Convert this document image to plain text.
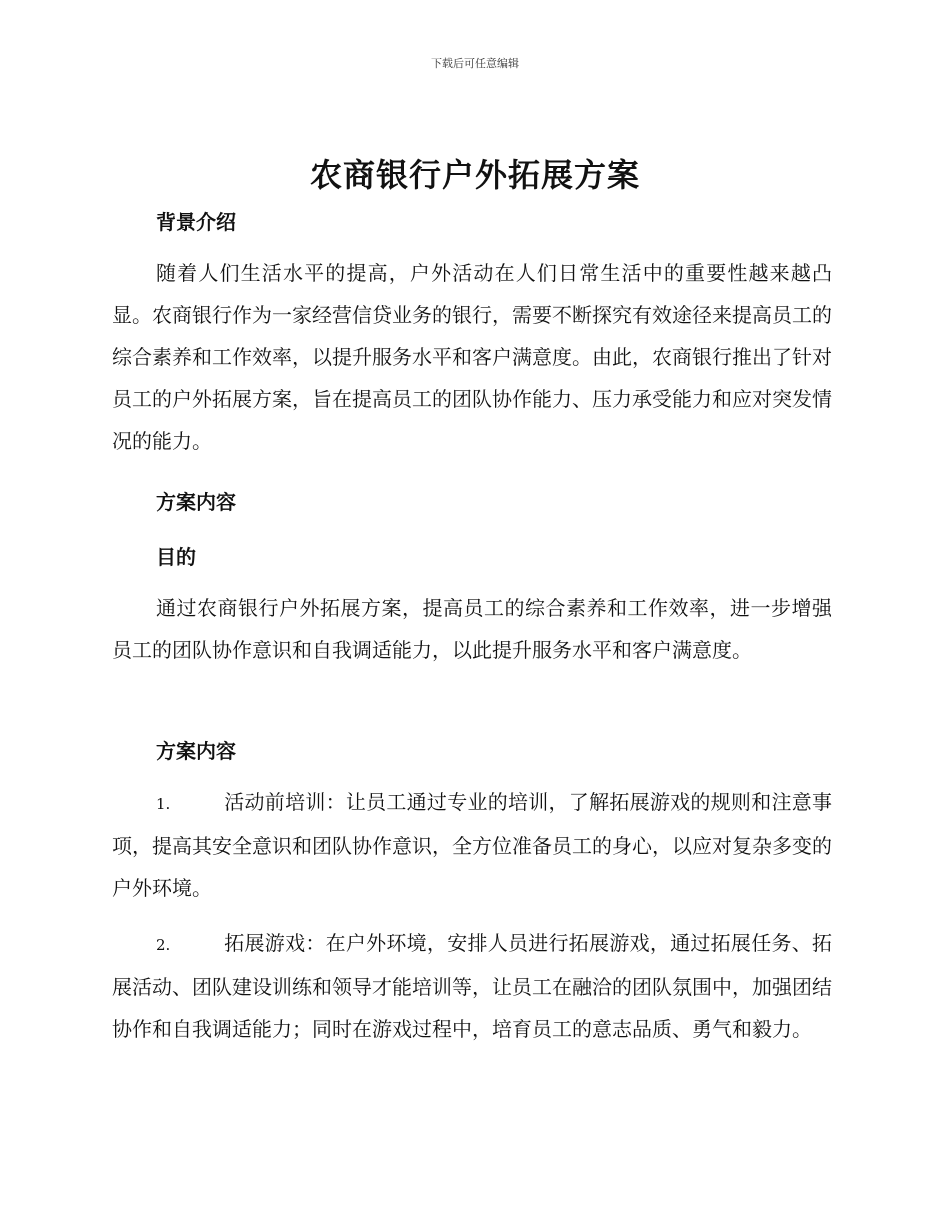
下载后可任意编辑
农商银行户外拓展方案
背景介绍

随着人们生活水平的提高，户外活动在人们日常生活中的重要性越来越凸显。农商银行作为一家经营信贷业务的银行，需要不断探究有效途径来提高员工的综合素养和工作效率，以提升服务水平和客户满意度。由此，农商银行推出了针对员工的户外拓展方案，旨在提高员工的团队协作能力、压力承受能力和应对突发情况的能力。

方案内容
目的

通过农商银行户外拓展方案，提高员工的综合素养和工作效率，进一步增强员工的团队协作意识和自我调适能力，以此提升服务水平和客户满意度。

方案内容

1.	活动前培训：让员工通过专业的培训，了解拓展游戏的规则和注意事项，提高其安全意识和团队协作意识，全方位准备员工的身心，以应对复杂多变的户外环境。

2.	拓展游戏：在户外环境，安排人员进行拓展游戏，通过拓展任务、拓展活动、团队建设训练和领导才能培训等，让员工在融洽的团队氛围中，加强团结协作和自我调适能力；同时在游戏过程中，培育员工的意志品质、勇气和毅力。
